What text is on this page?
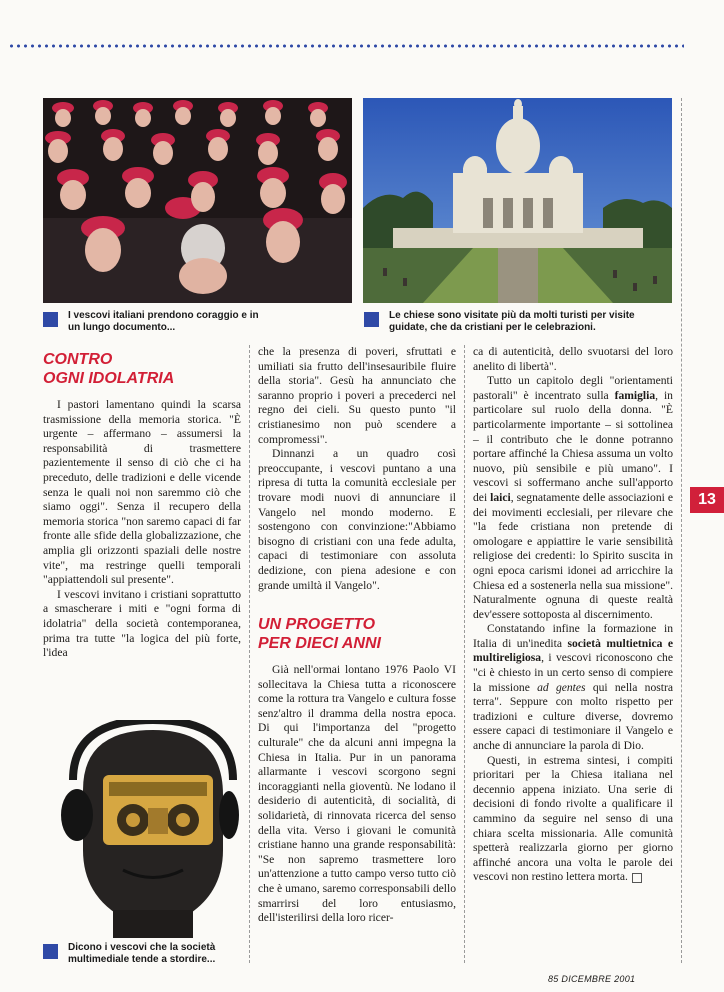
I vescovi italiani prendono coraggio e in un lungo documento...
Le chiese sono visitate più da molti turisti per visite guidate, che da cristiani per le celebrazioni.
CONTRO
OGNI IDOLATRIA

I pastori lamentano quindi la scarsa trasmissione della memoria storica. "È urgente – affermano – assumersi la responsabilità di trasmettere pazientemente il senso di ciò che ci ha preceduto, delle tradizioni e delle vicende senza le quali noi non saremmo ciò che siamo oggi". Senza il recupero della memoria storica "non saremo capaci di far fronte alle sfide della globalizzazione, che amplia gli orizzonti spaziali delle nostre vite", ma restringe quelli temporali "appiattendoli sul presente".

I vescovi invitano i cristiani soprattutto a smascherare i miti e "ogni forma di idolatria" della società contemporanea, prima tra tutte "la logica del più forte, l'idea

Dicono i vescovi che la società multimediale tende a stordire...

che la presenza di poveri, sfruttati e umiliati sia frutto dell'insesauribile fluire della storia". Gesù ha annunciato che saranno proprio i poveri a precederci nel regno dei cieli. Su questo punto "il cristianesimo non può scendere a compromessi".

Dinnanzi a un quadro così preoccupante, i vescovi puntano a una ripresa di tutta la comunità ecclesiale per trovare modi nuovi di annunciare il Vangelo nel mondo moderno. E sostengono con convinzione:"Abbiamo bisogno di cristiani con una fede adulta, capaci di testimoniare con assoluta dedizione, con piena adesione e con grande umiltà il Vangelo".

UN PROGETTO
PER DIECI ANNI

Già nell'ormai lontano 1976 Paolo VI sollecitava la Chiesa tutta a riconoscere come la rottura tra Vangelo e cultura fosse senz'altro il dramma della nostra epoca. Di qui l'importanza del "progetto culturale" che da alcuni anni impegna la Chiesa in Italia. Pur in un panorama allarmante i vescovi scorgono segni incoraggianti nella gioventù. Ne lodano il desiderio di autenticità, di socialità, di solidarietà, di rinnovata ricerca del senso della vita. Verso i giovani le comunità cristiane hanno una grande responsabilità: "Se non sapremo trasmettere loro un'attenzione a tutto campo verso tutto ciò che è umano, saremo corresponsabili dello smarrirsi del loro entusiasmo, dell'isterilirsi della loro ricer-

ca di autenticità, dello svuotarsi del loro anelito di libertà".

Tutto un capitolo degli "orientamenti pastorali" è incentrato sulla famiglia, in particolare sul ruolo della donna. "È particolarmente importante – si sottolinea – il contributo che le donne potranno portare affinché la Chiesa assuma un volto nuovo, più sensibile e più umano". I vescovi si soffermano anche sull'apporto dei laici, segnatamente delle associazioni e dei movimenti ecclesiali, per rilevare che "la fede cristiana non pretende di omologare e appiattire le varie sensibilità religiose dei credenti: lo Spirito suscita in ogni epoca carismi idonei ad arricchire la Chiesa ed a sostenerla nella sua missione". Naturalmente ognuna di queste realtà dev'essere sottoposta al discernimento.

Constatando infine la formazione in Italia di un'inedita società multietnica e multireligiosa, i vescovi riconoscono che "ci è chiesto in un certo senso di compiere la missione ad gentes qui nella nostra terra". Seppure con molto rispetto per tradizioni e culture diverse, dovremo essere capaci di testimoniare il Vangelo e anche di annunciare la parola di Dio.

Questi, in estrema sintesi, i compiti prioritari per la Chiesa italiana nel decennio appena iniziato. Una serie di decisioni di fondo rivolte a qualificare il cammino da seguire nel senso di una chiara scelta missionaria. Alle comunità spetterà realizzarla giorno per giorno affinché ancora una volta le parole dei vescovi non restino lettera morta.

13
85 DICEMBRE 2001
